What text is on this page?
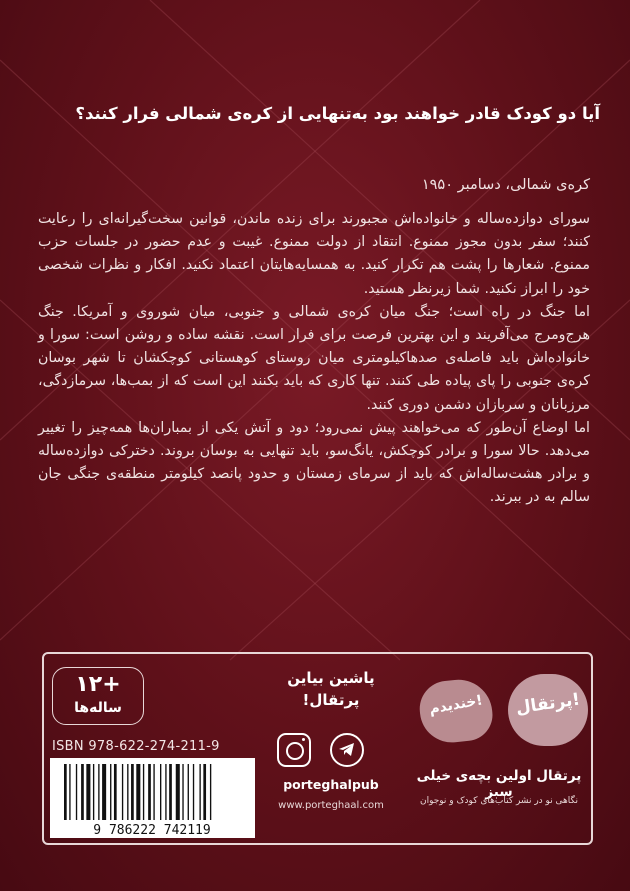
آیا دو کودک قادر خواهند بود به‌تنهایی از کره‌ی شمالی فرار کنند؟
کره‌ی شمالی، دسامبر ۱۹۵۰

سورای دوازده‌ساله و خانواده‌اش مجبورند برای زنده ماندن، قوانین سخت‌گیرانه‌ای را رعایت کنند؛ سفر بدون مجوز ممنوع. انتقاد از دولت ممنوع. غیبت و عدم حضور در جلسات حزب ممنوع. شعارها را پشت هم تکرار کنید. به همسایه‌هایتان اعتماد نکنید. افکار و نظرات شخصی خود را ابراز نکنید. شما زیرنظر هستید.

اما جنگ در راه است؛ جنگ میان کره‌ی شمالی و جنوبی، میان شوروی و آمریکا. جنگ هرج‌ومرج می‌آفریند و این بهترین فرصت برای فرار است. نقشه ساده و روشن است: سورا و خانواده‌اش باید فاصله‌ی صدها‌کیلومتری میان روستای کوهستانی کوچکشان تا شهر بوسان کره‌ی جنوبی را پای پیاده طی کنند. تنها کاری که باید بکنند این است که از بمب‌ها، سرمازدگی، مرزبانان و سربازان دشمن دوری کنند.

اما اوضاع آن‌طور که می‌خواهند پیش نمی‌رود؛ دود و آتش یکی از بمباران‌ها همه‌چیز را تغییر می‌دهد. حالا سورا و برادر کوچکش، یانگ‌سو، باید تنهایی به بوسان بروند. دخترکی دوازده‌ساله و برادر هشت‌ساله‌اش که باید از سرمای زمستان و حدود پانصد کیلومتر منطقه‌ی جنگی جان سالم به در ببرند.

+۱۲
ساله‌ها
ISBN 978-622-274-211-9
9 786222 742119
پاشین بیاین
پرتقال!
porteghalpub
www.porteghaal.com
خندیدم!	پرتقال!
پرتقال اولین بچه‌ی خیلی سبز
نگاهی نو در نشر کتاب‌های کودک و نوجوان
